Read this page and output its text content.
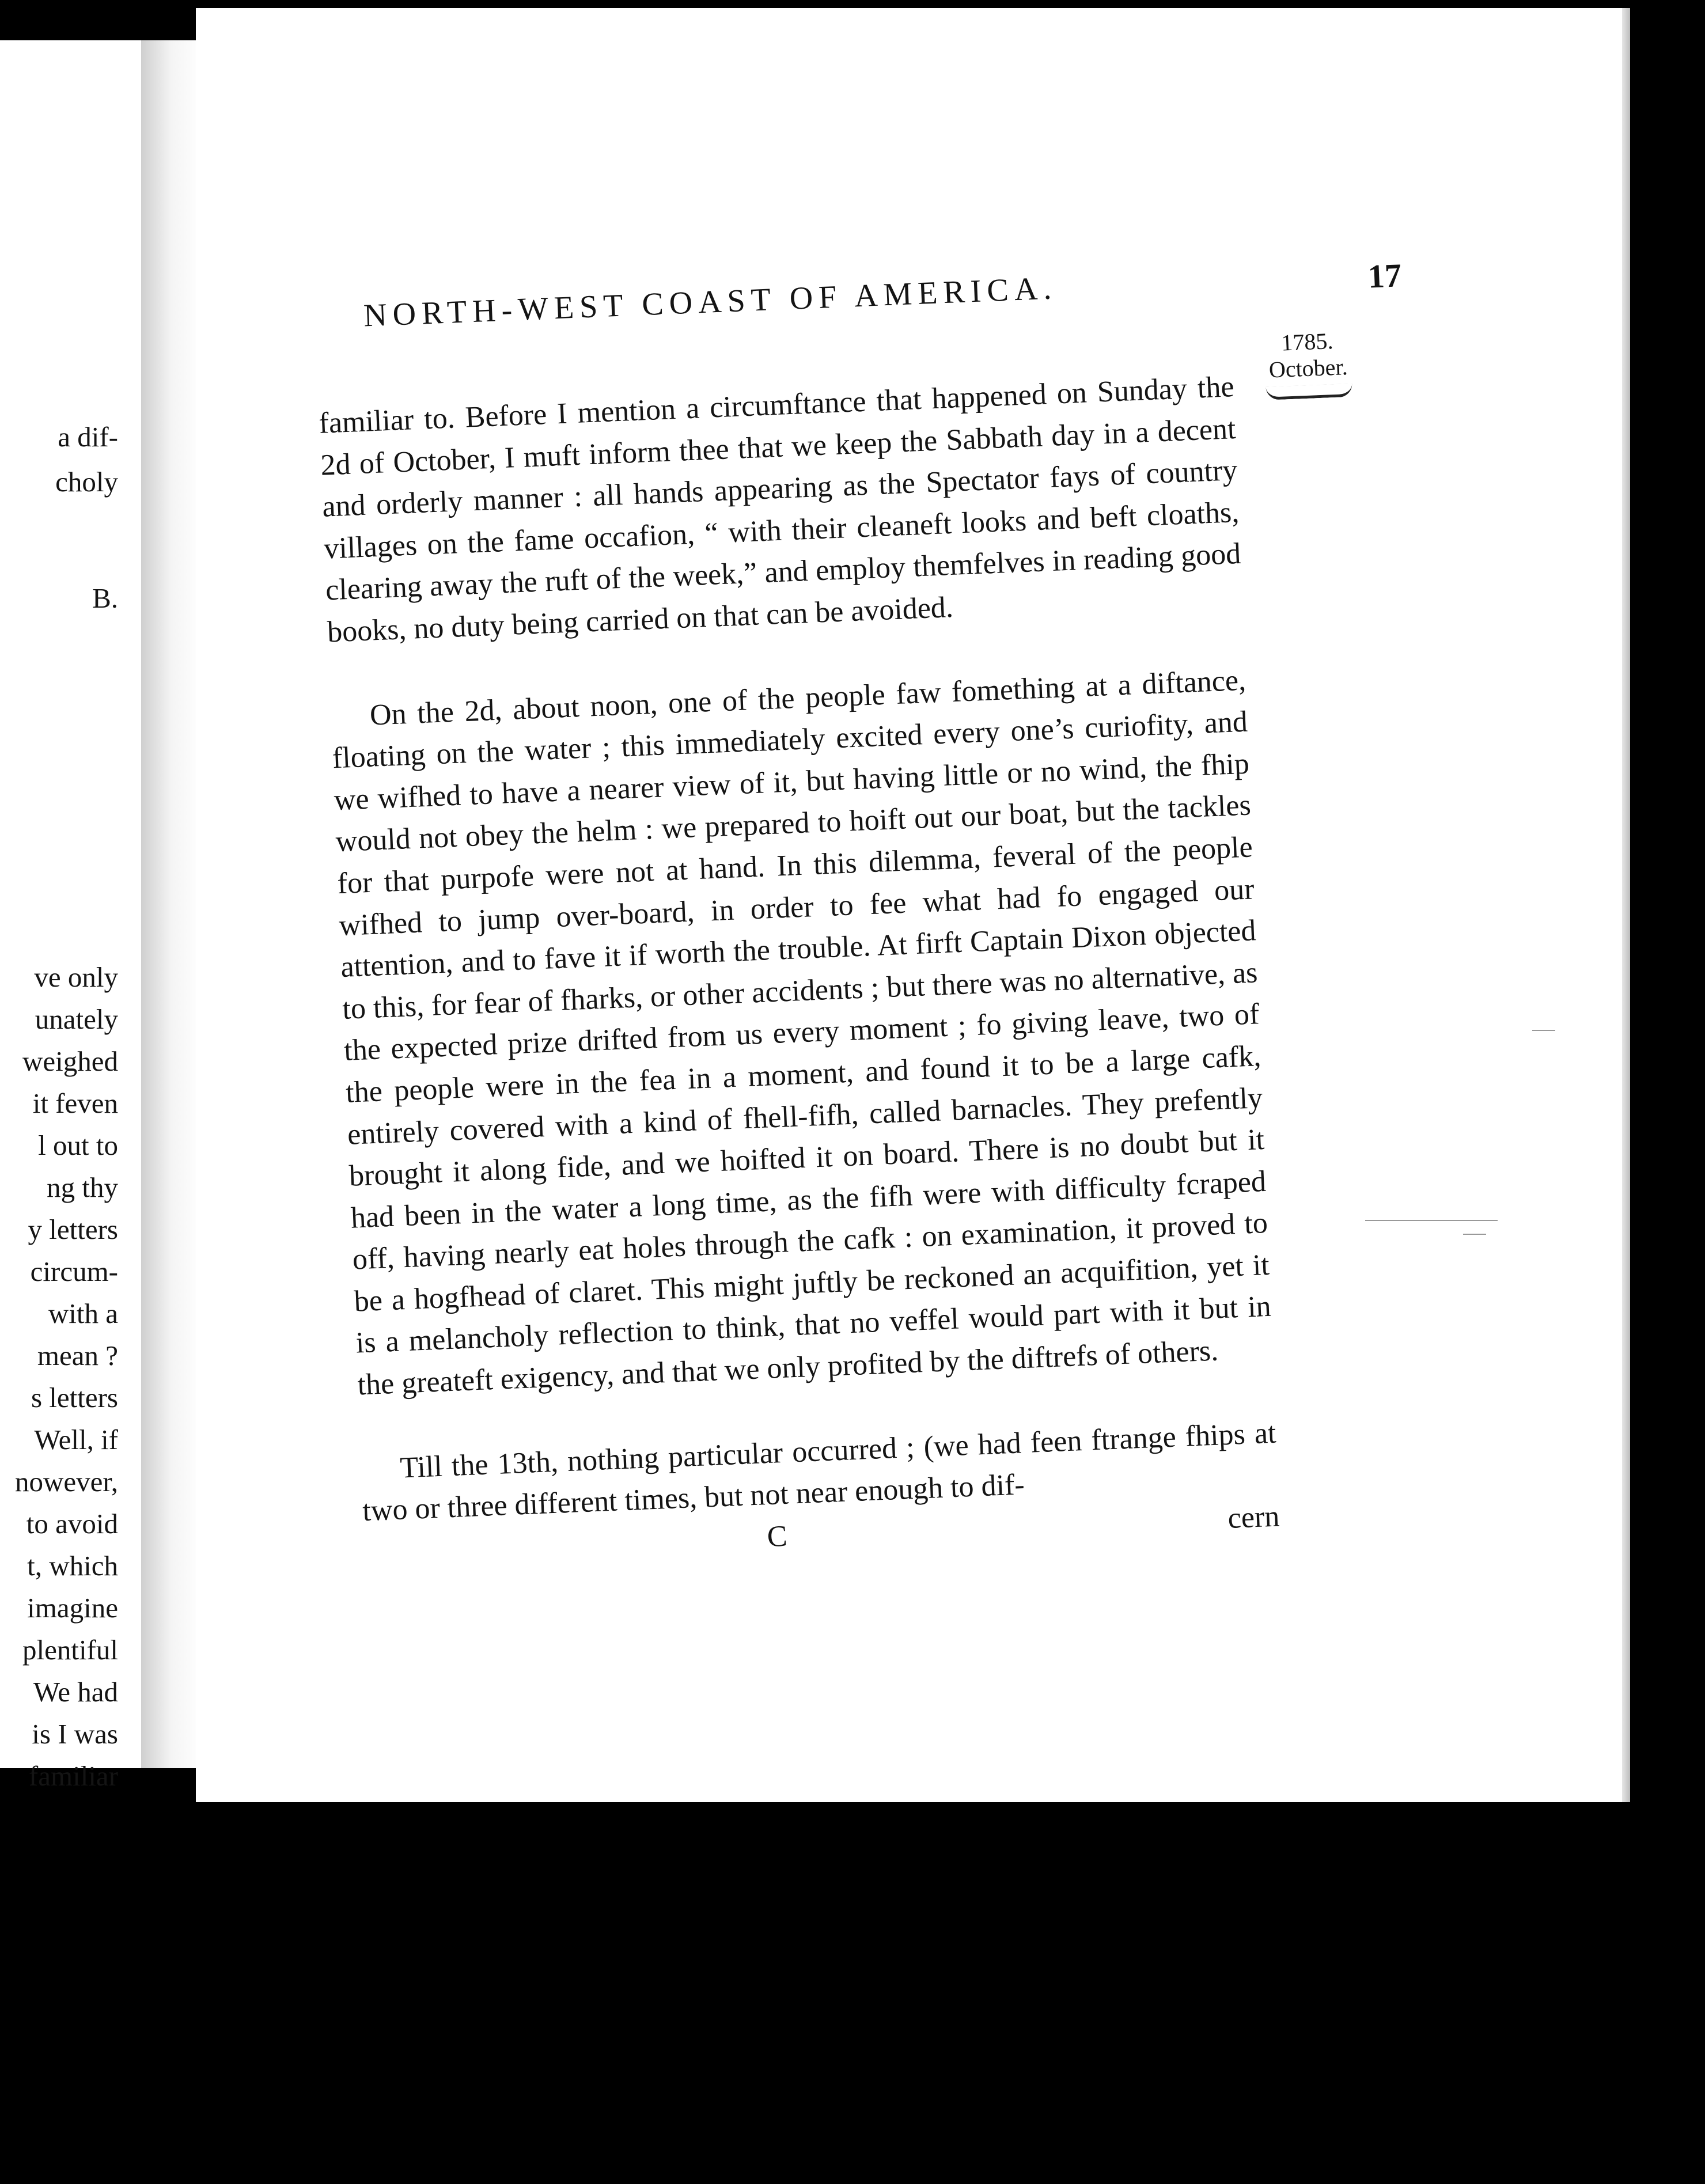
a dif-
choly
B.
ve only
unately
weighed
it feven
l out to
ng thy
y letters
circum-
with a
mean ?
s letters
Well, if
nowever,
to avoid
t, which
imagine
plentiful
We had
is I was
familiar
NORTH-WEST COAST OF AMERICA.	17
1785.
October.

familiar to. Before I mention a circumftance that happened on Sunday the 2d of October, I muft inform thee that we keep the Sabbath day in a decent and orderly manner : all hands appearing as the Spectator fays of country villages on the fame occafion, “ with their cleaneft looks and beft cloaths, clearing away the ruft of the week,” and employ themfelves in reading good books, no duty being carried on that can be avoided.

On the 2d, about noon, one of the people faw fomething at a diftance, floating on the water ; this immediately excited every one’s curiofity, and we wifhed to have a nearer view of it, but having little or no wind, the fhip would not obey the helm : we prepared to hoift out our boat, but the tackles for that purpofe were not at hand. In this dilemma, feveral of the people wifhed to jump over-board, in order to fee what had fo engaged our attention, and to fave it if worth the trouble. At firft Captain Dixon objected to this, for fear of fharks, or other accidents ; but there was no alternative, as the expected prize drifted from us every moment ; fo giving leave, two of the people were in the fea in a moment, and found it to be a large cafk, entirely covered with a kind of fhell-fifh, called barnacles. They prefently brought it along fide, and we hoifted it on board. There is no doubt but it had been in the water a long time, as the fifh were with difficulty fcraped off, having nearly eat holes through the cafk : on examination, it proved to be a hogfhead of claret. This might juftly be reckoned an acquifition, yet it is a melancholy reflection to think, that no veffel would part with it but in the greateft exigency, and that we only profited by the diftrefs of others.

Till the 13th, nothing particular occurred ; (we had feen ftrange fhips at two or three different times, but not near enough to dif-

C
cern
